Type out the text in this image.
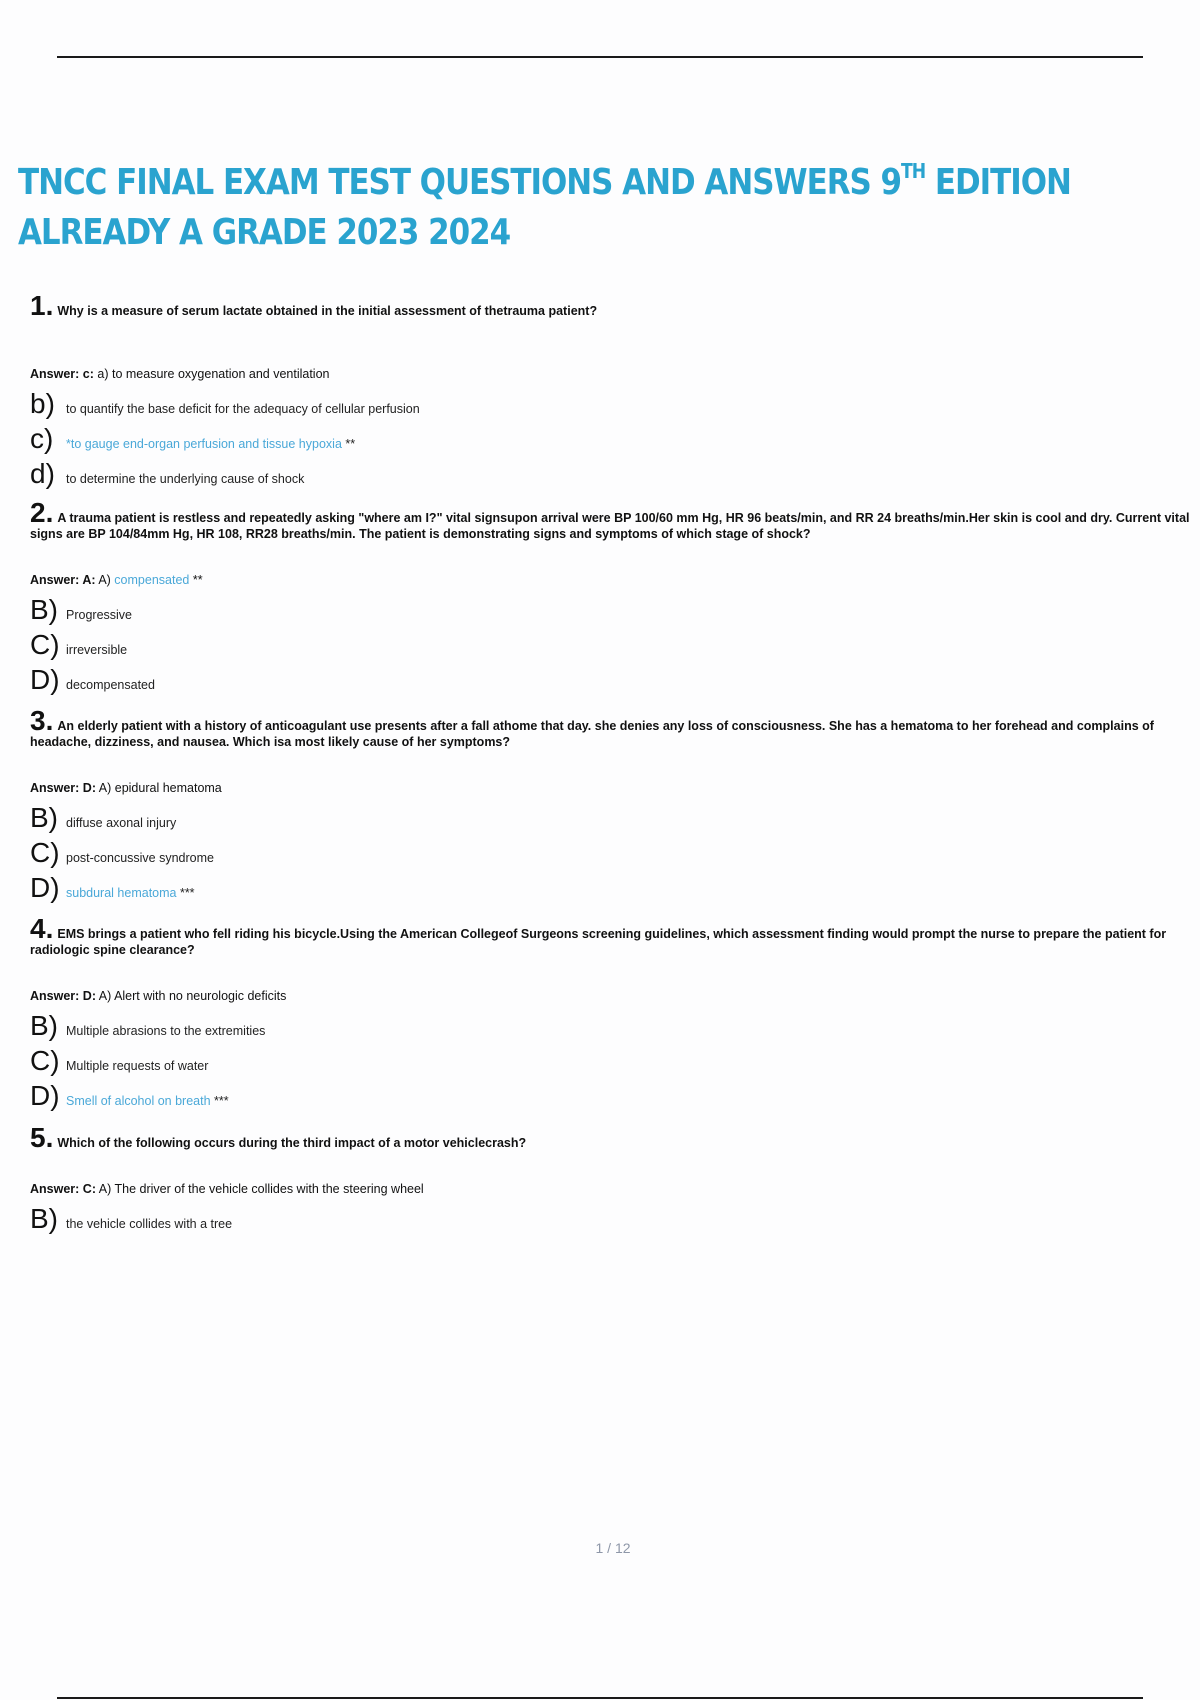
TNCC FINAL EXAM TEST QUESTIONS AND ANSWERS 9TH EDITION ALREADY A GRADE 2023 2024
1. Why is a measure of serum lactate obtained in the initial assessment of thetrauma patient?
Answer: c: a) to measure oxygenation and ventilation
b) to quantify the base deficit for the adequacy of cellular perfusion
c)	*to gauge end-organ perfusion and tissue hypoxia **
d) to determine the underlying cause of shock
2. A trauma patient is restless and repeatedly asking "where am I?" vital signsupon arrival were BP 100/60 mm Hg, HR 96 beats/min, and RR 24 breaths/min.Her skin is cool and dry. Current vital signs are BP 104/84mm Hg, HR 108, RR28 breaths/min. The patient is demonstrating signs and symptoms of which stage of shock?
Answer: A: A) compensated **
B) Progressive
C) irreversible
D) decompensated
3. An elderly patient with a history of anticoagulant use presents after a fall athome that day. she denies any loss of consciousness. She has a hematoma to her forehead and complains of headache, dizziness, and nausea. Which isa most likely cause of her symptoms?
Answer: D: A) epidural hematoma
B) diffuse axonal injury
C) post-concussive syndrome
D) subdural hematoma ***
4. EMS brings a patient who fell riding his bicycle.Using the American Collegeof Surgeons screening guidelines, which assessment finding would prompt the nurse to prepare the patient for radiologic spine clearance?
Answer: D: A) Alert with no neurologic deficits
B) Multiple abrasions to the extremities
C) Multiple requests of water
D) Smell of alcohol on breath ***
5. Which of the following occurs during the third impact of a motor vehiclecrash?
Answer: C: A) The driver of the vehicle collides with the steering wheel
B) the vehicle collides with a tree
1 / 12
